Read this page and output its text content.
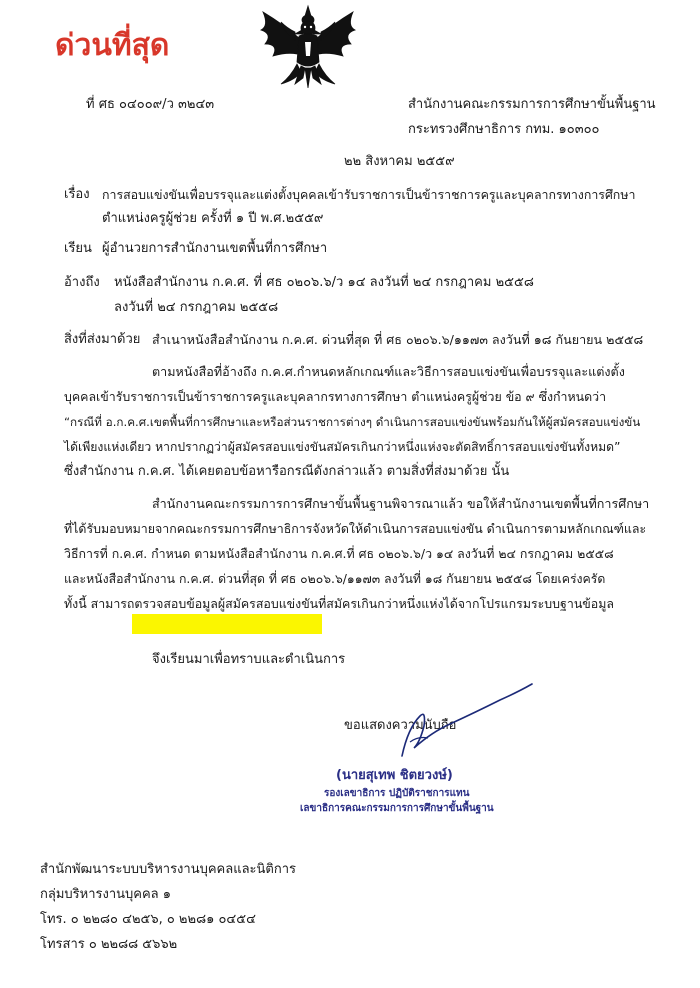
ด่วนที่สุด
ที่ ศธ ๐๔๐๐๙/ว ๓๒๔๓	สำนักงานคณะกรรมการการศึกษาขั้นพื้นฐาน
กระทรวงศึกษาธิการ กทม. ๑๐๓๐๐
๒๒ สิงหาคม ๒๕๕๙
เรื่อง การสอบแข่งขันเพื่อบรรจุและแต่งตั้งบุคคลเข้ารับราชการเป็นข้าราชการครูและบุคลากรทางการศึกษา
ตำแหน่งครูผู้ช่วย ครั้งที่ ๑ ปี พ.ศ.๒๕๕๙
เรียน ผู้อำนวยการสำนักงานเขตพื้นที่การศึกษา
อ้างถึง หนังสือสำนักงาน ก.ค.ศ. ที่ ศธ ๐๒๐๖.๖/ว ๑๔ ลงวันที่ ๒๔ กรกฎาคม ๒๕๕๘
ลงวันที่ ๒๔ กรกฎาคม ๒๕๕๘
สิ่งที่ส่งมาด้วย สำเนาหนังสือสำนักงาน ก.ค.ศ. ด่วนที่สุด ที่ ศธ ๐๒๐๖.๖/๑๑๗๓ ลงวันที่ ๑๘ กันยายน ๒๕๕๘
ตามหนังสือที่อ้างถึง ก.ค.ศ.กำหนดหลักเกณฑ์และวิธีการสอบแข่งขันเพื่อบรรจุและแต่งตั้ง
บุคคลเข้ารับราชการเป็นข้าราชการครูและบุคลากรทางการศึกษา ตำแหน่งครูผู้ช่วย ข้อ ๙ ซึ่งกำหนดว่า
“กรณีที่ อ.ก.ค.ศ.เขตพื้นที่การศึกษาและหรือส่วนราชการต่างๆ ดำเนินการสอบแข่งขันพร้อมกันให้ผู้สมัครสอบแข่งขัน
ได้เพียงแห่งเดียว หากปรากฏว่าผู้สมัครสอบแข่งขันสมัครเกินกว่าหนึ่งแห่งจะตัดสิทธิ์การสอบแข่งขันทั้งหมด”
ซึ่งสำนักงาน ก.ค.ศ. ได้เคยตอบข้อหารือกรณีดังกล่าวแล้ว ตามสิ่งที่ส่งมาด้วย นั้น
สำนักงานคณะกรรมการการศึกษาขั้นพื้นฐานพิจารณาแล้ว ขอให้สำนักงานเขตพื้นที่การศึกษา
ที่ได้รับมอบหมายจากคณะกรรมการศึกษาธิการจังหวัดให้ดำเนินการสอบแข่งขัน ดำเนินการตามหลักเกณฑ์และ
วิธีการที่ ก.ค.ศ. กำหนด ตามหนังสือสำนักงาน ก.ค.ศ.ที่ ศธ ๐๒๐๖.๖/ว ๑๔ ลงวันที่ ๒๔ กรกฎาคม ๒๕๕๘
และหนังสือสำนักงาน ก.ค.ศ. ด่วนที่สุด ที่ ศธ ๐๒๐๖.๖/๑๑๗๓ ลงวันที่ ๑๘ กันยายน ๒๕๕๘ โดยเคร่งครัด
ทั้งนี้ สามารถตรวจสอบข้อมูลผู้สมัครสอบแข่งขันที่สมัครเกินกว่าหนึ่งแห่งได้จากโปรแกรมระบบฐานข้อมูล
จึงเรียนมาเพื่อทราบและดำเนินการ
ขอแสดงความนับถือ
(นายสุเทพ ชิตยวงษ์)
รองเลขาธิการ ปฏิบัติราชการแทน
เลขาธิการคณะกรรมการการศึกษาขั้นพื้นฐาน
สำนักพัฒนาระบบบริหารงานบุคคลและนิติการ
กลุ่มบริหารงานบุคคล ๑
โทร. ๐ ๒๒๘๐ ๔๒๕๖, ๐ ๒๒๘๑ ๐๔๕๔
โทรสาร ๐ ๒๒๘๘ ๕๖๖๒
